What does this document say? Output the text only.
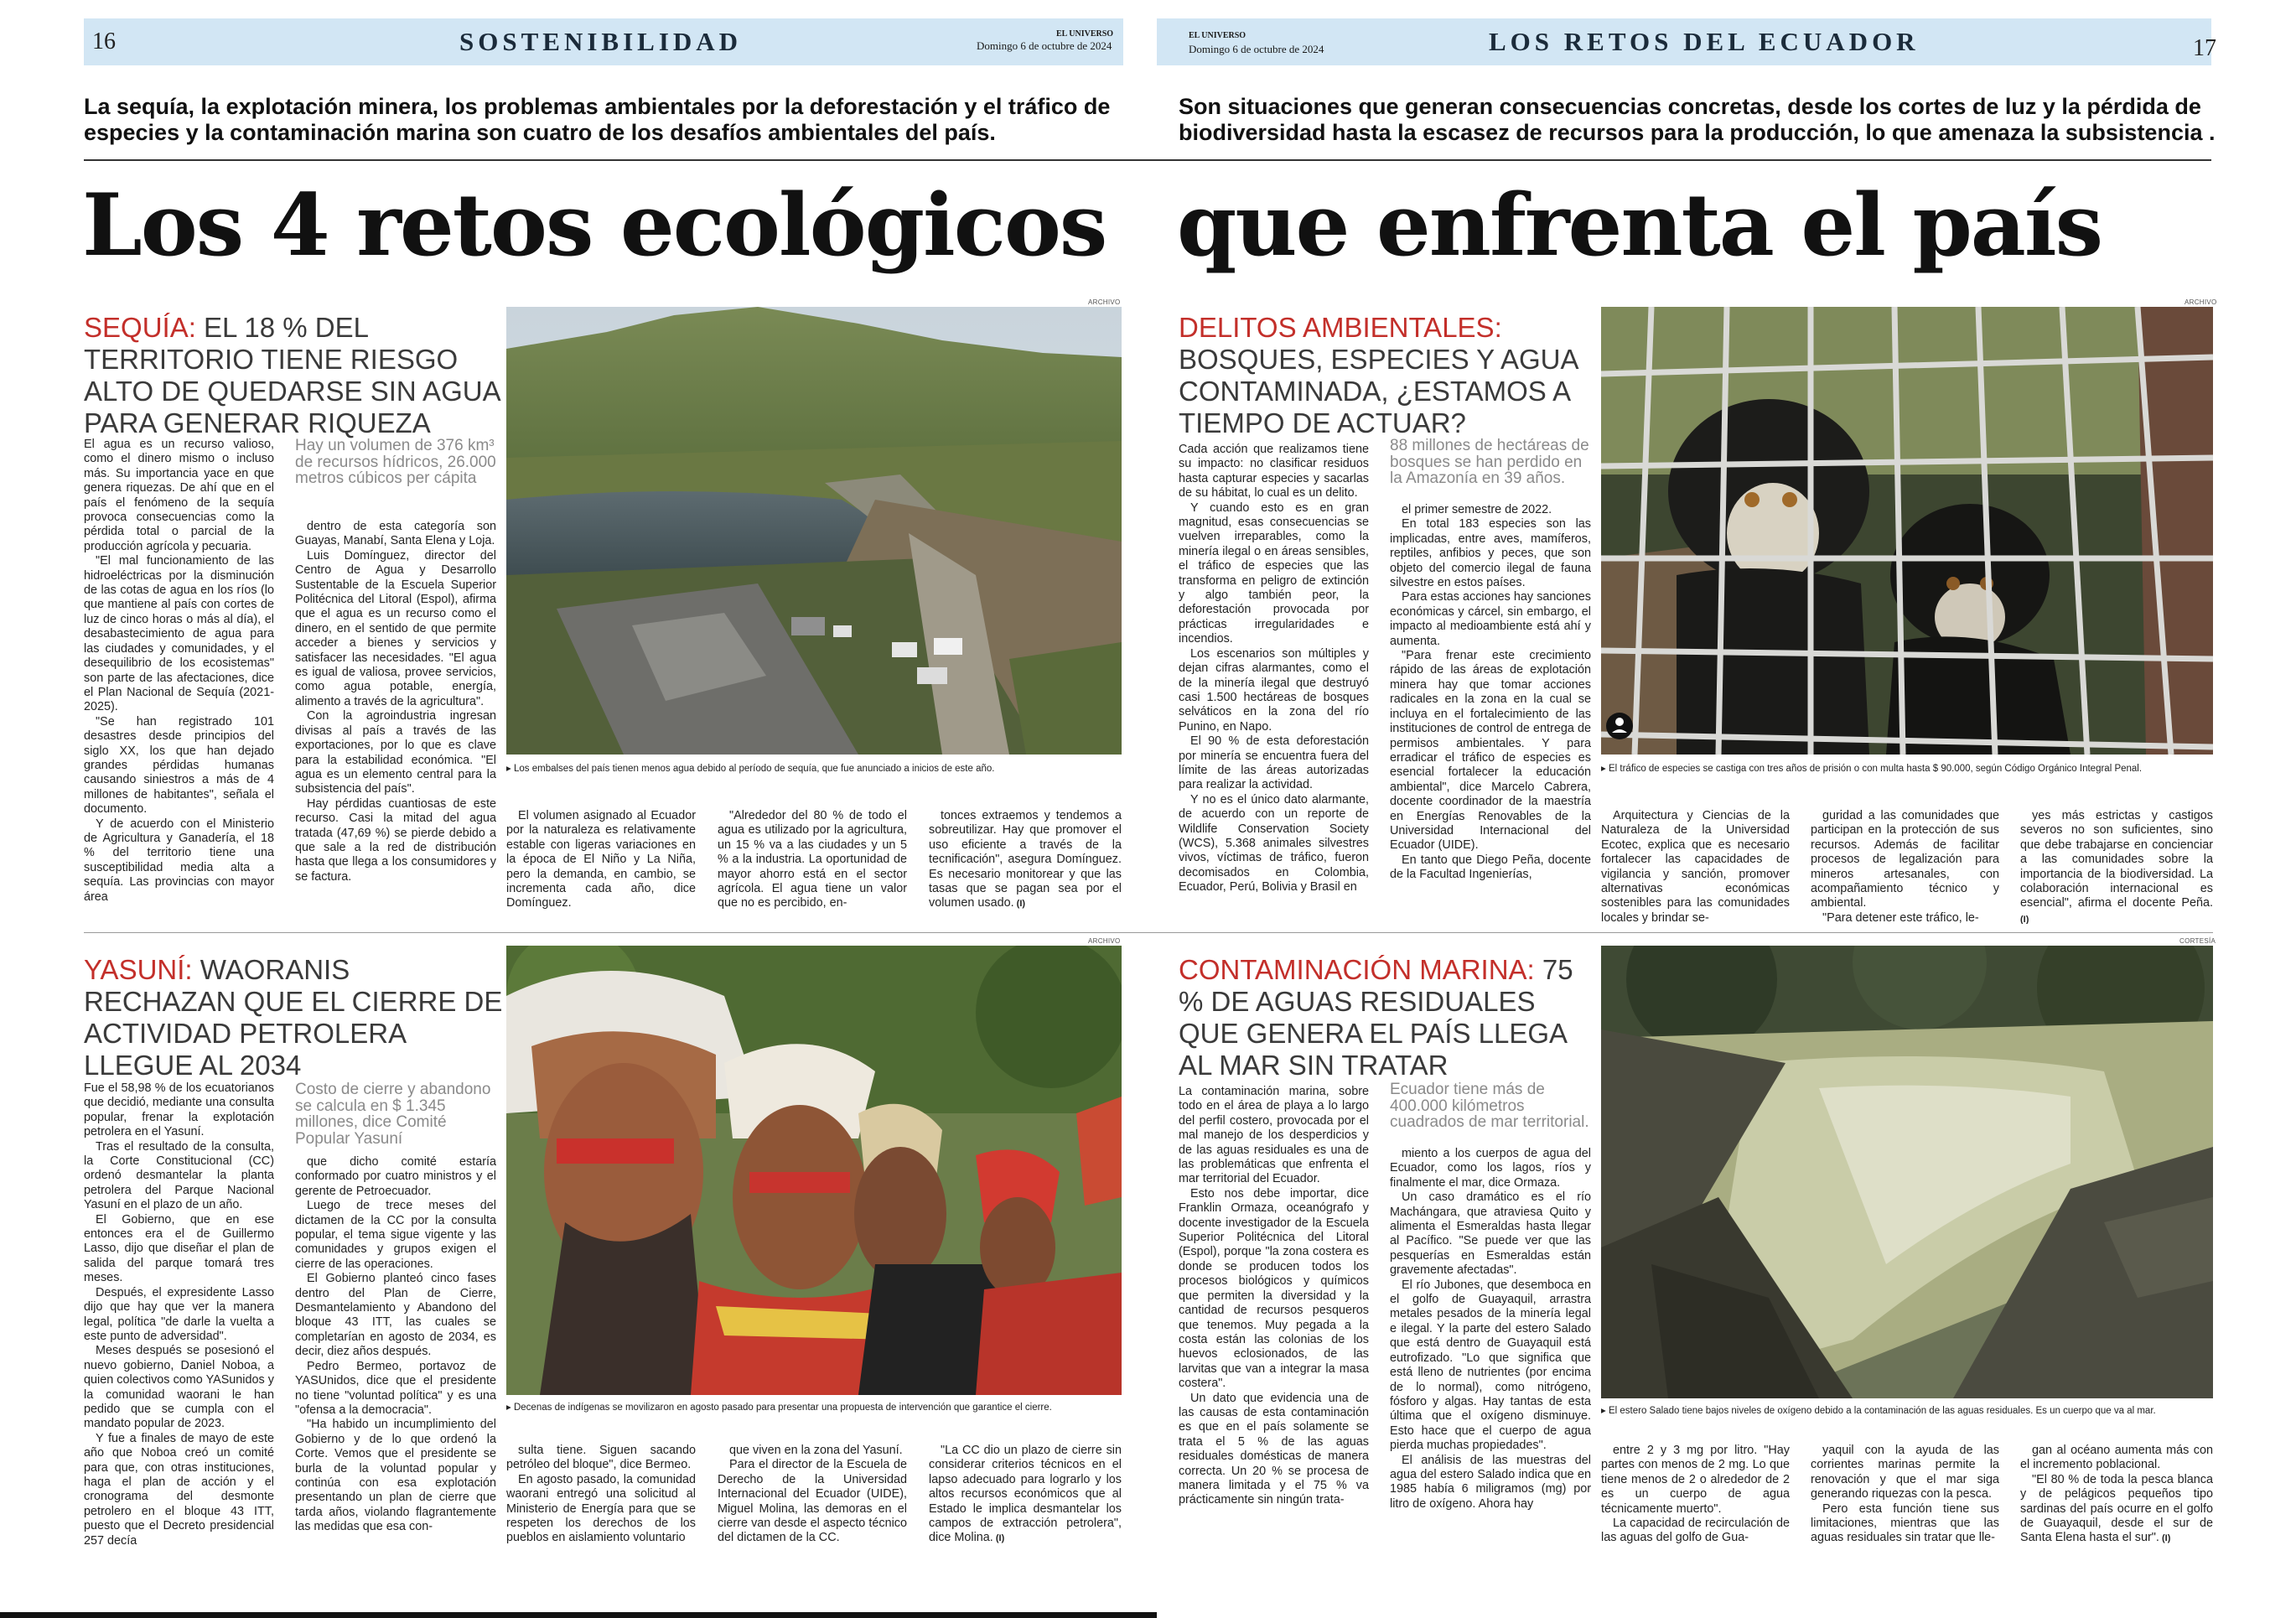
16	SOSTENIBILIDAD	EL UNIVERSO
Domingo 6 de octubre de 2024
La sequía, la explotación minera, los problemas ambientales por la deforestación y el tráfico de especies y la contaminación marina son cuatro de los desafíos ambientales del país.
Los 4 retos ecológicos
SEQUÍA: EL 18 % DEL TERRITORIO TIENE RIESGO ALTO DE QUEDARSE SIN AGUA PARA GENERAR RIQUEZA
ARCHIVO
▸ Los embalses del país tienen menos agua debido al período de sequía, que fue anunciado a inicios de este año.
Hay un volumen de 376 km³ de recursos hídricos, 26.000 metros cúbicos per cápita

El agua es un recurso valioso, como el dinero mismo o incluso más. Su importancia yace en que genera riquezas. De ahí que en el país el fenómeno de la sequía provoca consecuencias como la pérdida total o parcial de la producción agrícola y pecuaria.

"El mal funcionamiento de las hidroeléctricas por la disminución de las cotas de agua en los ríos (lo que mantiene al país con cortes de luz de cinco horas o más al día), el desabastecimiento de agua para las ciudades y comunidades, y el desequilibrio de los ecosistemas" son parte de las afectaciones, dice el Plan Nacional de Sequía (2021-2025).

"Se han registrado 101 desastres desde principios del siglo XX, los que han dejado grandes pérdidas humanas causando siniestros a más de 4 millones de habitantes", señala el documento.

Y de acuerdo con el Ministerio de Agricultura y Ganadería, el 18 % del territorio tiene una susceptibilidad media alta a sequía. Las provincias con mayor área

dentro de esta categoría son Guayas, Manabí, Santa Elena y Loja.

Luis Domínguez, director del Centro de Agua y Desarrollo Sustentable de la Escuela Superior Politécnica del Litoral (Espol), afirma que el agua es un recurso como el dinero, en el sentido de que permite acceder a bienes y servicios y satisfacer las necesidades. "El agua es igual de valiosa, provee servicios, como agua potable, energía, alimento a través de la agricultura".

Con la agroindustria ingresan divisas al país a través de las exportaciones, por lo que es clave para la estabilidad económica. "El agua es un elemento central para la subsistencia del país".

Hay pérdidas cuantiosas de este recurso. Casi la mitad del agua tratada (47,69 %) se pierde debido a que sale a la red de distribución hasta que llega a los consumidores y se factura.

El volumen asignado al Ecuador por la naturaleza es relativamente estable con ligeras variaciones en la época de El Niño y La Niña, pero la demanda, en cambio, se incrementa cada año, dice Domínguez.

"Alrededor del 80 % de todo el agua es utilizado por la agricultura, un 15 % va a las ciudades y un 5 % a la industria. La oportunidad de mayor ahorro está en el sector agrícola. El agua tiene un valor que no es percibido, en-

tonces extraemos y tendemos a sobreutilizar. Hay que promover el uso eficiente a través de la tecnificación", asegura Domínguez. Es necesario monitorear y que las tasas que se pagan sea por el volumen usado. (I)

YASUNÍ: WAORANIS RECHAZAN QUE EL CIERRE DE ACTIVIDAD PETROLERA LLEGUE AL 2034
ARCHIVO
▸ Decenas de indígenas se movilizaron en agosto pasado para presentar una propuesta de intervención que garantice el cierre.
Costo de cierre y abandono se calcula en $ 1.345 millones, dice Comité Popular Yasuní

Fue el 58,98 % de los ecuatorianos que decidió, mediante una consulta popular, frenar la explotación petrolera en el Yasuní.

Tras el resultado de la consulta, la Corte Constitucional (CC) ordenó desmantelar la planta petrolera del Parque Nacional Yasuní en el plazo de un año.

El Gobierno, que en ese entonces era el de Guillermo Lasso, dijo que diseñar el plan de salida del parque tomará tres meses.

Después, el expresidente Lasso dijo que hay que ver la manera legal, política "de darle la vuelta a este punto de adversidad".

Meses después se posesionó el nuevo gobierno, Daniel Noboa, a quien colectivos como YASunidos y la comunidad waorani le han pedido que se cumpla con el mandato popular de 2023.

Y fue a finales de mayo de este año que Noboa creó un comité para que, con otras instituciones, haga el plan de acción y el cronograma del desmonte petrolero en el bloque 43 ITT, puesto que el Decreto presidencial 257 decía

que dicho comité estaría conformado por cuatro ministros y el gerente de Petroecuador.

Luego de trece meses del dictamen de la CC por la consulta popular, el tema sigue vigente y las comunidades y grupos exigen el cierre de las operaciones.

El Gobierno planteó cinco fases dentro del Plan de Cierre, Desmantelamiento y Abandono del bloque 43 ITT, las cuales se completarían en agosto de 2034, es decir, diez años después.

Pedro Bermeo, portavoz de YASUnidos, dice que el presidente no tiene "voluntad política" y es una "ofensa a la democracia".

"Ha habido un incumplimiento del Gobierno y de lo que ordenó la Corte. Vemos que el presidente se burla de la voluntad popular y continúa con esa explotación presentando un plan de cierre que tarda años, violando flagrantemente las medidas que esa con-

sulta tiene. Siguen sacando petróleo del bloque", dice Bermeo.

En agosto pasado, la comunidad waorani entregó una solicitud al Ministerio de Energía para que se respeten los derechos de los pueblos en aislamiento voluntario

que viven en la zona del Yasuní.

Para el director de la Escuela de Derecho de la Universidad Internacional del Ecuador (UIDE), Miguel Molina, las demoras en el cierre van desde el aspecto técnico del dictamen de la CC.

"La CC dio un plazo de cierre sin considerar criterios técnicos en el lapso adecuado para lograrlo y los altos recursos económicos que al Estado le implica desmantelar los campos de extracción petrolera", dice Molina. (I)

EL UNIVERSO
Domingo 6 de octubre de 2024	LOS RETOS DEL ECUADOR	17
Son situaciones que generan consecuencias concretas, desde los cortes de luz y la pérdida de biodiversidad hasta la escasez de recursos para la producción, lo que amenaza la subsistencia .
que enfrenta el país
DELITOS AMBIENTALES: BOSQUES, ESPECIES Y AGUA CONTAMINADA, ¿ESTAMOS A TIEMPO DE ACTUAR?
ARCHIVO
▸ El tráfico de especies se castiga con tres años de prisión o con multa hasta $ 90.000, según Código Orgánico Integral Penal.
88 millones de hectáreas de bosques se han perdido en la Amazonía en 39 años.

Cada acción que realizamos tiene su impacto: no clasificar residuos hasta capturar especies y sacarlas de su hábitat, lo cual es un delito.

Y cuando esto es en gran magnitud, esas consecuencias se vuelven irreparables, como la minería ilegal o en áreas sensibles, el tráfico de especies que las transforma en peligro de extinción y algo también peor, la deforestación provocada por prácticas irregularidades e incendios.

Los escenarios son múltiples y dejan cifras alarmantes, como el de la minería ilegal que destruyó casi 1.500 hectáreas de bosques selváticos en la zona del río Punino, en Napo.

El 90 % de esta deforestación por minería se encuentra fuera del límite de las áreas autorizadas para realizar la actividad.

Y no es el único dato alarmante, de acuerdo con un reporte de Wildlife Conservation Society (WCS), 5.368 animales silvestres vivos, víctimas de tráfico, fueron decomisados en Colombia, Ecuador, Perú, Bolivia y Brasil en

el primer semestre de 2022.

En total 183 especies son las implicadas, entre aves, mamíferos, reptiles, anfibios y peces, que son objeto del comercio ilegal de fauna silvestre en estos países.

Para estas acciones hay sanciones económicas y cárcel, sin embargo, el impacto al medioambiente está ahí y aumenta.

"Para frenar este crecimiento rápido de las áreas de explotación minera hay que tomar acciones radicales en la zona en la cual se incluya en el fortalecimiento de las instituciones de control de entrega de permisos ambientales. Y para erradicar el tráfico de especies es esencial fortalecer la educación ambiental", dice Marcelo Cabrera, docente coordinador de la maestría en Energías Renovables de la Universidad Internacional del Ecuador (UIDE).

En tanto que Diego Peña, docente de la Facultad Ingenierías,

Arquitectura y Ciencias de la Naturaleza de la Universidad Ecotec, explica que es necesario fortalecer las capacidades de vigilancia y sanción, promover alternativas económicas sostenibles para las comunidades locales y brindar se-

guridad a las comunidades que participan en la protección de sus recursos. Además de facilitar procesos de legalización para mineros artesanales, con acompañamiento técnico y ambiental.

"Para detener este tráfico, le-

yes más estrictas y castigos severos no son suficientes, sino que debe trabajarse en concienciar a las comunidades sobre la importancia de la biodiversidad. La colaboración internacional es esencial", afirma el docente Peña. (I)

CONTAMINACIÓN MARINA: 75 % DE AGUAS RESIDUALES QUE GENERA EL PAÍS LLEGA AL MAR SIN TRATAR
CORTESÍA
▸ El estero Salado tiene bajos niveles de oxígeno debido a la contaminación de las aguas residuales. Es un cuerpo que va al mar.
Ecuador tiene más de 400.000 kilómetros cuadrados de mar territorial.

La contaminación marina, sobre todo en el área de playa a lo largo del perfil costero, provocada por el mal manejo de los desperdicios y de las aguas residuales es una de las problemáticas que enfrenta el mar territorial del Ecuador.

Esto nos debe importar, dice Franklin Ormaza, oceanógrafo y docente investigador de la Escuela Superior Politécnica del Litoral (Espol), porque "la zona costera es donde se producen todos los procesos biológicos y químicos que permiten la diversidad y la cantidad de recursos pesqueros que tenemos. Muy pegada a la costa están las colonias de los huevos eclosionados, de las larvitas que van a integrar la masa costera".

Un dato que evidencia una de las causas de esta contaminación es que en el país solamente se trata el 5 % de las aguas residuales domésticas de manera correcta. Un 20 % se procesa de manera limitada y el 75 % va prácticamente sin ningún trata-

miento a los cuerpos de agua del Ecuador, como los lagos, ríos y finalmente el mar, dice Ormaza.

Un caso dramático es el río Machángara, que atraviesa Quito y alimenta el Esmeraldas hasta llegar al Pacífico. "Se puede ver que las pesquerías en Esmeraldas están gravemente afectadas".

El río Jubones, que desemboca en el golfo de Guayaquil, arrastra metales pesados de la minería legal e ilegal. Y la parte del estero Salado que está dentro de Guayaquil está eutrofizado. "Lo que significa que está lleno de nutrientes (por encima de lo normal), como nitrógeno, fósforo y algas. Hay tantas de esta última que el oxígeno disminuye. Esto hace que el cuerpo de agua pierda muchas propiedades".

El análisis de las muestras del agua del estero Salado indica que en 1985 había 6 miligramos (mg) por litro de oxígeno. Ahora hay

entre 2 y 3 mg por litro. "Hay partes con menos de 2 mg. Lo que tiene menos de 2 o alrededor de 2 es un cuerpo de agua técnicamente muerto".

La capacidad de recirculación de las aguas del golfo de Gua-

yaquil con la ayuda de las corrientes marinas permite la renovación y que el mar siga generando riquezas con la pesca.

Pero esta función tiene sus limitaciones, mientras que las aguas residuales sin tratar que lle-

gan al océano aumenta más con el incremento poblacional.

"El 80 % de toda la pesca blanca y de pelágicos pequeños tipo sardinas del país ocurre en el golfo de Guayaquil, desde el sur de Santa Elena hasta el sur". (I)
